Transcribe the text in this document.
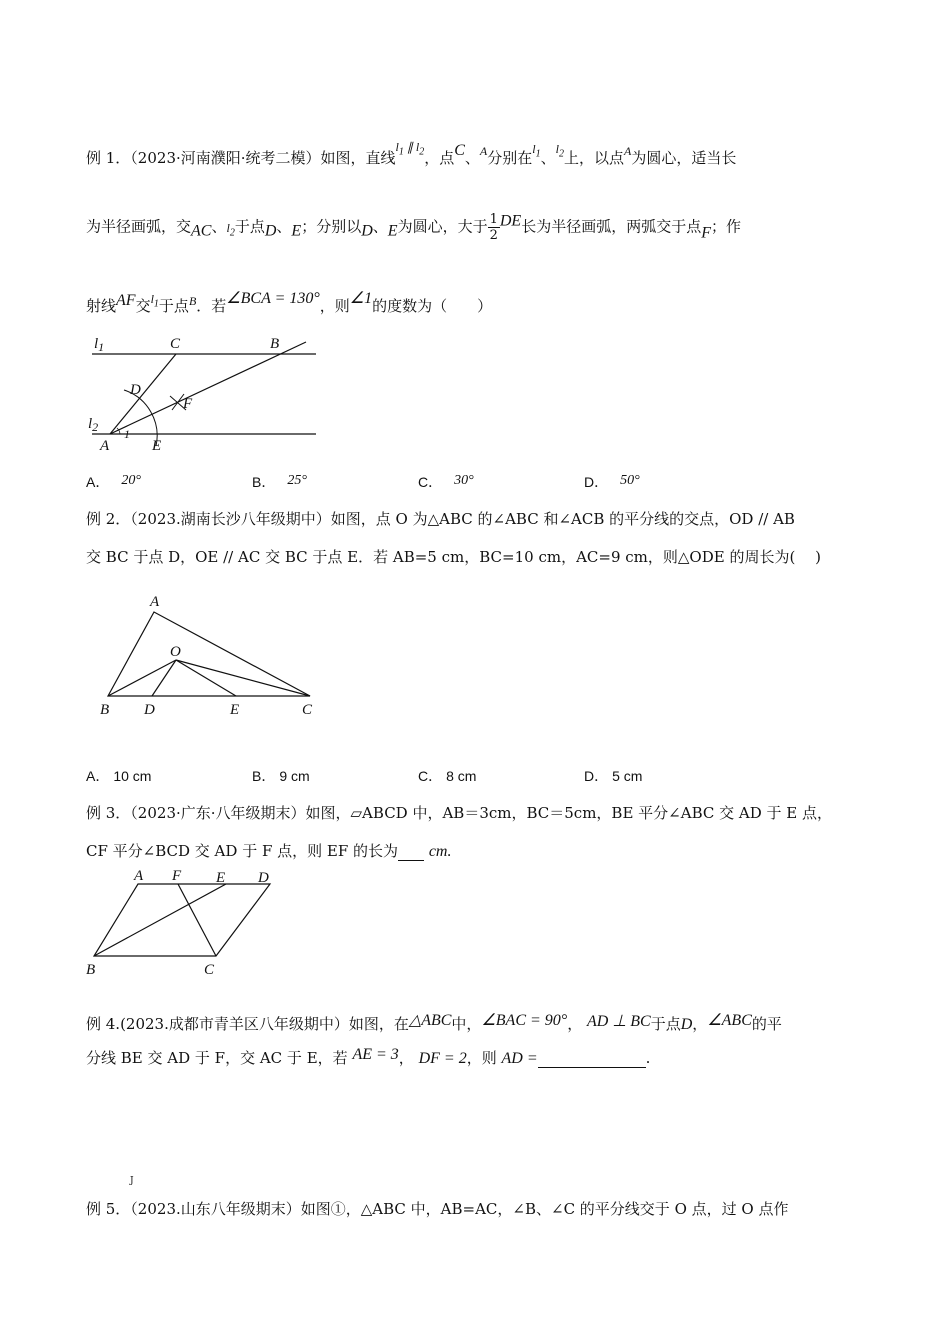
例 1．（2023·河南濮阳·统考二模）如图，直线$^{l_1 \parallel l_2}$，点C、$^A$分别在$^{l_1}$、$^{l_2}$上，以点$^A$为圆心，适当长
为半径画弧，交AC、$l_2$于点D、E；分别以D、E为圆心，大于 $\frac{1}{2}$ DE长为半径画弧，两弧交于点F；作
射线AF交$^{l_1}$于点$^B$．若∠BCA = 130°，则∠1的度数为（　　）
$l_1$
$l_2$
C	B
D
F
A	E
1
A． 20°	B． 25°	C． 30°	D． 50°
例 2．（2023.湖南长沙八年级期中）如图，点 O 为△ABC 的∠ABC 和∠ACB 的平分线的交点，OD // AB
交 BC 于点 D，OE // AC 交 BC 于点 E．若 AB=5 cm，BC=10 cm，AC=9 cm，则△ODE 的周长为(　 )
A
O
B D	E	C
A． 10 cm	B． 9 cm	C． 8 cm	D． 5 cm
例 3．（2023·广东·八年级期末）如图，▱ABCD 中，AB＝3cm，BC＝5cm，BE 平分∠ABC 交 AD 于 E 点，
CF 平分∠BCD 交 AD 于 F 点，则 EF 的长为 cm.
A F E D
B	C
例 4.(2023.成都市青羊区八年级期中）如图，在△ABC中，∠BAC = 90°， AD ⊥ BC于点D，∠ABC的平
分线 BE 交 AD 于 F，交 AC 于 E，若 AE = 3， DF = 2，则 AD =	.
J
例 5．（2023.山东八年级期末）如图①，△ABC 中，AB=AC，∠B、∠C 的平分线交于 O 点，过 O 点作
